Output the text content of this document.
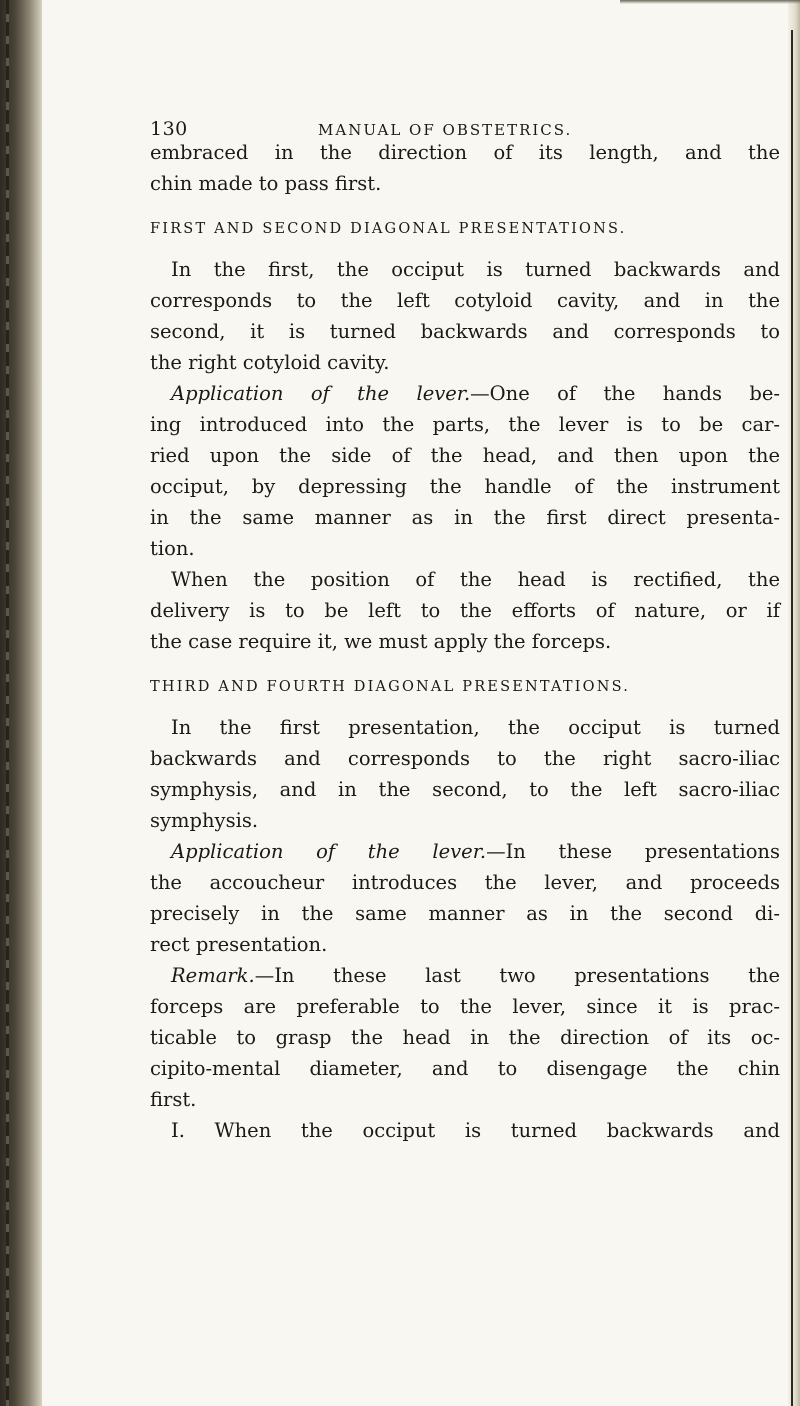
130	MANUAL OF OBSTETRICS.
embraced in the direction of its length, and the
chin made to pass first.
FIRST AND SECOND DIAGONAL PRESENTATIONS.
In the first, the occiput is turned backwards and
corresponds to the left cotyloid cavity, and in the
second, it is turned backwards and corresponds to
the right cotyloid cavity.
Application of the lever.—One of the hands be-
ing introduced into the parts, the lever is to be car-
ried upon the side of the head, and then upon the
occiput, by depressing the handle of the instrument
in the same manner as in the first direct presenta-
tion.
When the position of the head is rectified, the
delivery is to be left to the efforts of nature, or if
the case require it, we must apply the forceps.
THIRD AND FOURTH DIAGONAL PRESENTATIONS.
In the first presentation, the occiput is turned
backwards and corresponds to the right sacro-iliac
symphysis, and in the second, to the left sacro-iliac
symphysis.
Application of the lever.—In these presentations
the accoucheur introduces the lever, and proceeds
precisely in the same manner as in the second di-
rect presentation.
Remark.—In these last two presentations the
forceps are preferable to the lever, since it is prac-
ticable to grasp the head in the direction of its oc-
cipito-mental diameter, and to disengage the chin
first.
I. When the occiput is turned backwards and
